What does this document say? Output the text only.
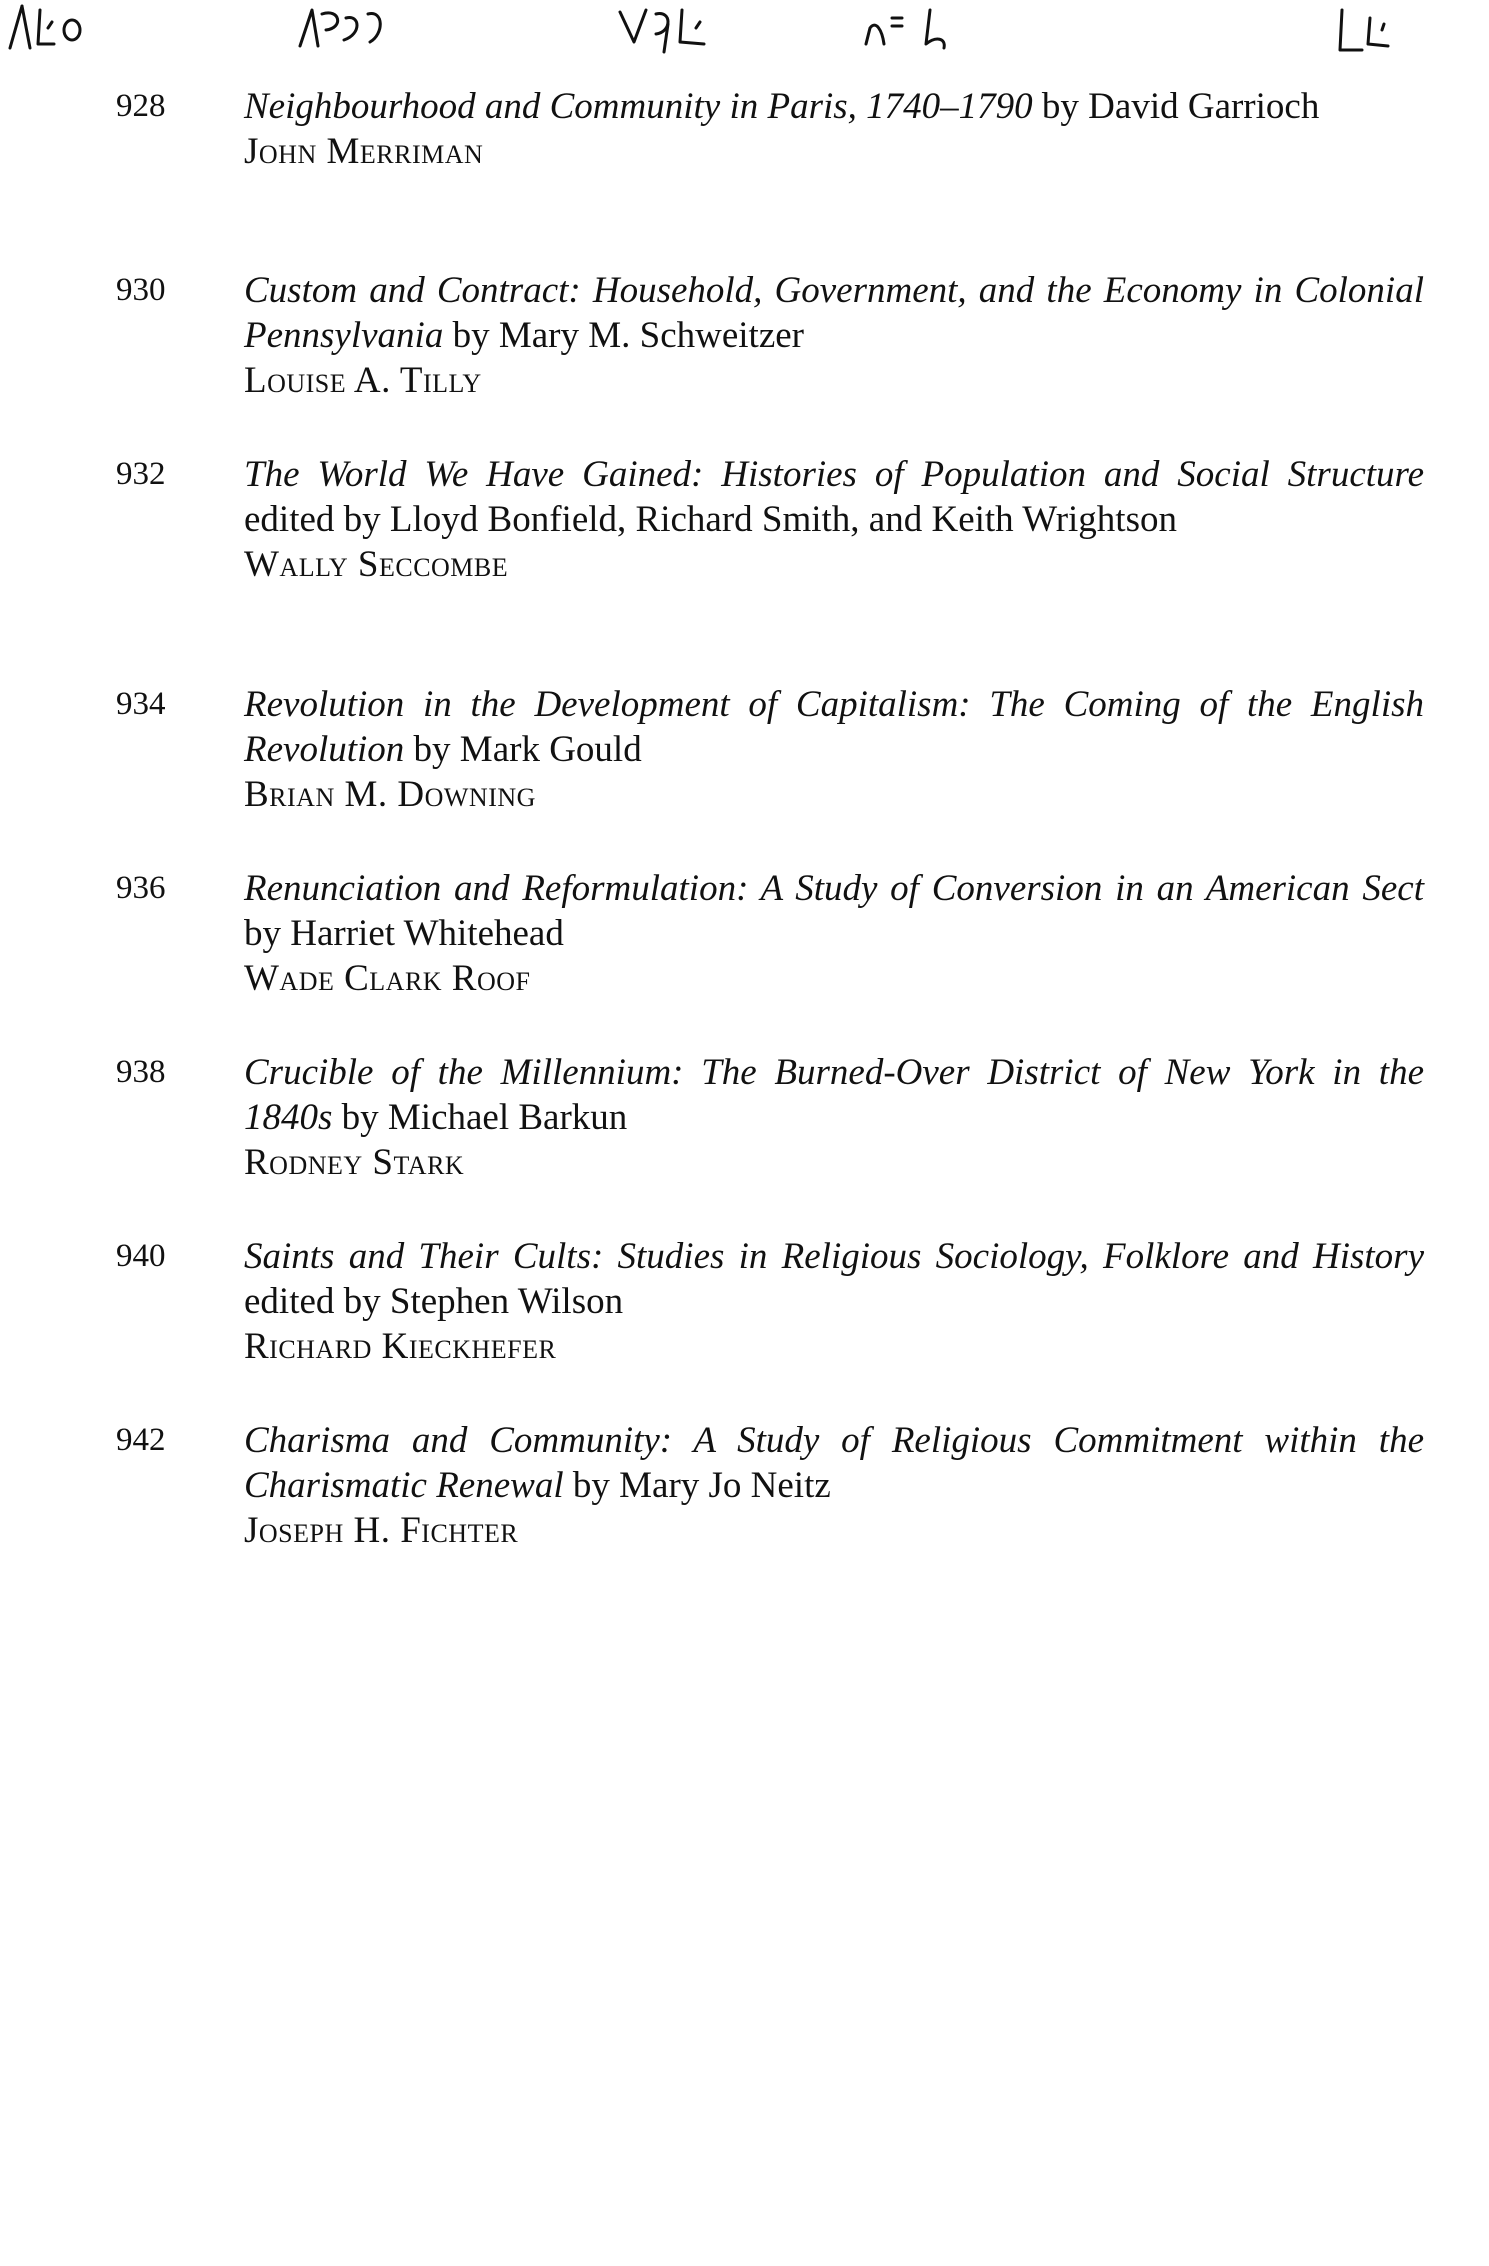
928	Neighbourhood and Community in Paris, 1740–1790 by David Garrioch
John Merriman
930	Custom and Contract: Household, Government, and the Economy in Colonial Pennsylvania by Mary M. Schweitzer
Louise A. Tilly
932	The World We Have Gained: Histories of Population and Social Structure edited by Lloyd Bonfield, Richard Smith, and Keith Wrightson
Wally Seccombe
934	Revolution in the Development of Capitalism: The Coming of the English Revolution by Mark Gould
Brian M. Downing
936	Renunciation and Reformulation: A Study of Conversion in an American Sect by Harriet Whitehead
Wade Clark Roof
938	Crucible of the Millennium: The Burned-Over District of New York in the 1840s by Michael Barkun
Rodney Stark
940	Saints and Their Cults: Studies in Religious Sociology, Folklore and History edited by Stephen Wilson
Richard Kieckhefer
942	Charisma and Community: A Study of Religious Commitment within the Charismatic Renewal by Mary Jo Neitz
Joseph H. Fichter
